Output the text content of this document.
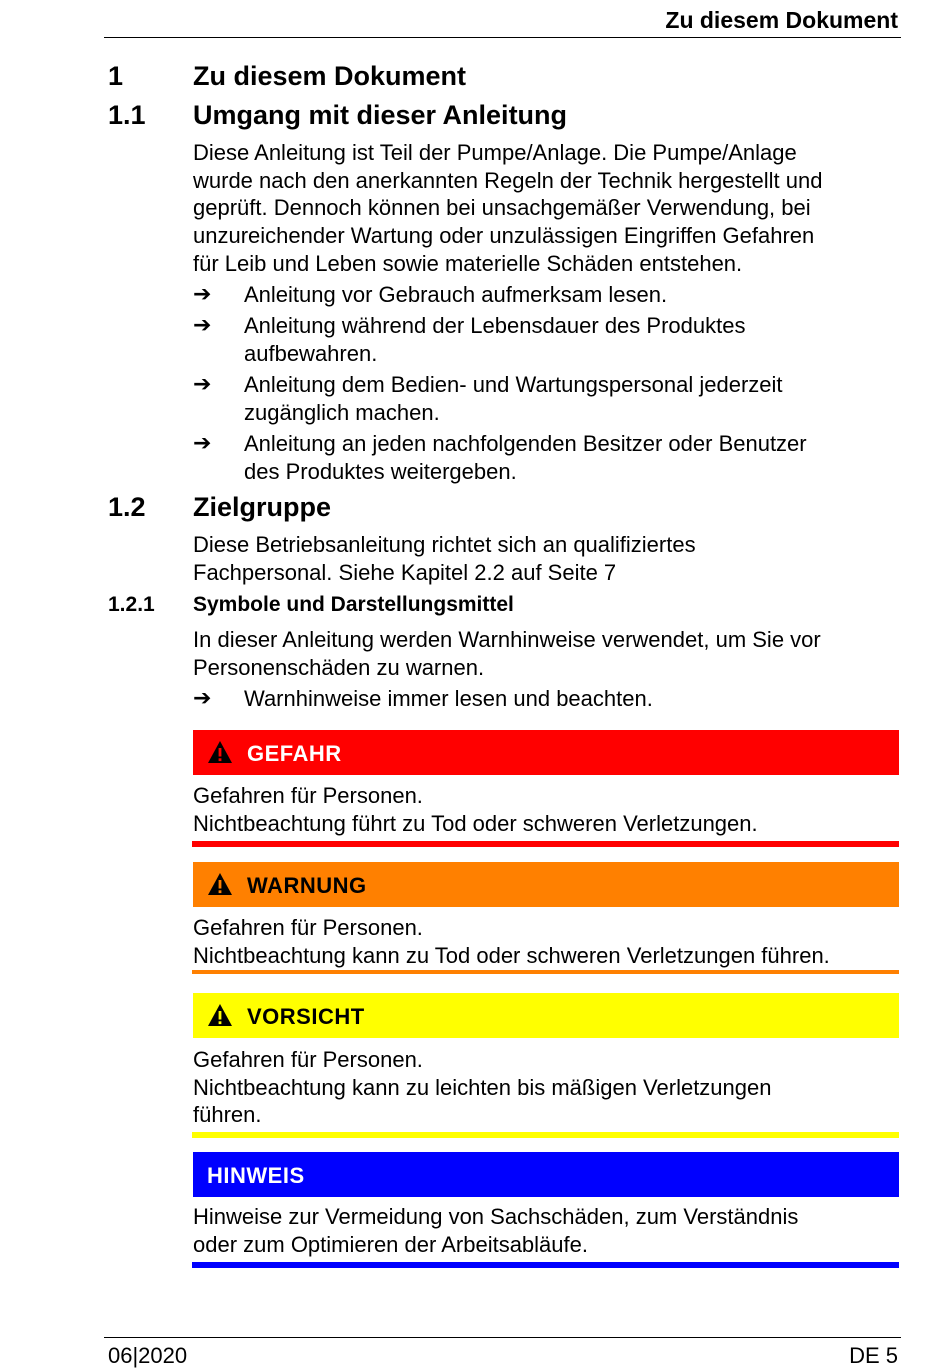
Zu diesem Dokument
1	Zu diesem Dokument
1.1 Umgang mit dieser Anleitung
Diese Anleitung ist Teil der Pumpe/Anlage. Die Pumpe/Anlage
wurde nach den anerkannten Regeln der Technik hergestellt und
geprüft. Dennoch können bei unsachgemäßer Verwendung, bei
unzureichender Wartung oder unzulässigen Eingriffen Gefahren
für Leib und Leben sowie materielle Schäden entstehen.
➔ Anleitung vor Gebrauch aufmerksam lesen.
➔ Anleitung während der Lebensdauer des Produktes
aufbewahren.
➔ Anleitung dem Bedien- und Wartungspersonal jederzeit
zugänglich machen.
➔ Anleitung an jeden nachfolgenden Besitzer oder Benutzer
des Produktes weitergeben.
1.2 Zielgruppe
Diese Betriebsanleitung richtet sich an qualifiziertes
Fachpersonal. Siehe Kapitel 2.2 auf Seite 7
1.2.1 Symbole und Darstellungsmittel
In dieser Anleitung werden Warnhinweise verwendet, um Sie vor
Personenschäden zu warnen.
➔ Warnhinweise immer lesen und beachten.
GEFAHR
Gefahren für Personen.
Nichtbeachtung führt zu Tod oder schweren Verletzungen.
WARNUNG
Gefahren für Personen.
Nichtbeachtung kann zu Tod oder schweren Verletzungen führen.
VORSICHT
Gefahren für Personen.
Nichtbeachtung kann zu leichten bis mäßigen Verletzungen
führen.
HINWEIS
Hinweise zur Vermeidung von Sachschäden, zum Verständnis
oder zum Optimieren der Arbeitsabläufe.
06|2020	DE 5
